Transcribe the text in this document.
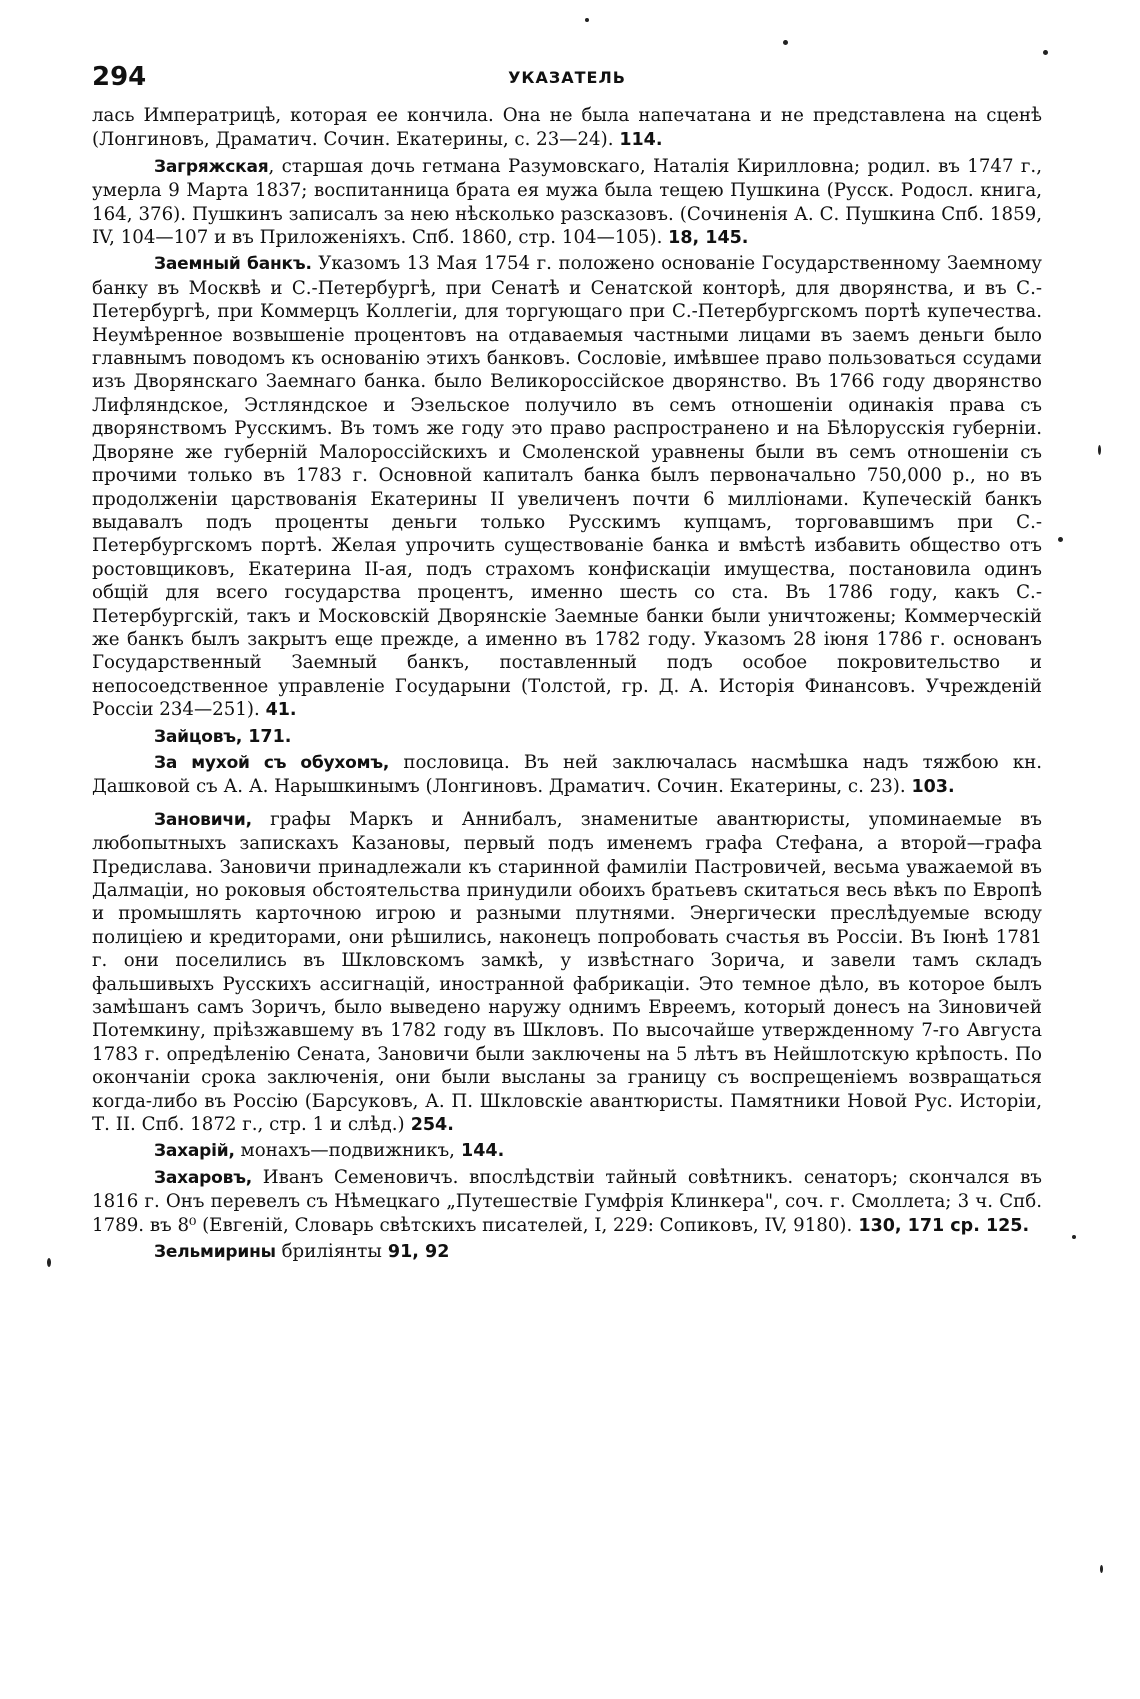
294	УКАЗАТЕЛЬ

лась Императрицѣ, которая ее кончила. Она не была напечатана и не представлена на сценѣ (Лонгиновъ, Драматич. Сочин. Екатерины, с. 23—24). 114.

Загряжская, старшая дочь гетмана Разумовскаго, Наталія Кирилловна; родил. въ 1747 г., умерла 9 Марта 1837; воспитанница брата ея мужа была тещею Пушкина (Русск. Родосл. книга, 164, 376). Пушкинъ записалъ за нею нѣсколько разсказовъ. (Сочиненія А. С. Пушкина Спб. 1859, IV, 104—107 и въ Приложеніяхъ. Спб. 1860, стр. 104—105). 18, 145.

Заемный банкъ. Указомъ 13 Мая 1754 г. положено основаніе Государственному Заемному банку въ Москвѣ и С.-Петербургѣ, при Сенатѣ и Сенатской конторѣ, для дворянства, и въ С.-Петербургѣ, при Коммерцъ Коллегіи, для торгующаго при С.-Петербургскомъ портѣ купечества. Неумѣренное возвышеніе процентовъ на отдаваемыя частными лицами въ заемъ деньги было главнымъ поводомъ къ основанію этихъ банковъ. Сословіе, имѣвшее право пользоваться ссудами изъ Дворянскаго Заемнаго банка. было Великороссійское дворянство. Въ 1766 году дворянство Лифляндское, Эстляндское и Эзельское получило въ семъ отношеніи одинакія права съ дворянствомъ Русскимъ. Въ томъ же году это право распространено и на Бѣлорусскія губерніи. Дворяне же губерній Малороссійскихъ и Смоленской уравнены были въ семъ отношеніи съ прочими только въ 1783 г. Основной капиталъ банка былъ первоначально 750,000 р., но въ продолженіи царствованія Екатерины II увеличенъ почти 6 милліонами. Купеческій банкъ выдавалъ подъ проценты деньги только Русскимъ купцамъ, торговавшимъ при С.-Петербургскомъ портѣ. Желая упрочить существованіе банка и вмѣстѣ избавить общество отъ ростовщиковъ, Екатерина II-ая, подъ страхомъ конфискаціи имущества, постановила одинъ общій для всего государства процентъ, именно шесть со ста. Въ 1786 году, какъ С.-Петербургскій, такъ и Московскій Дворянскіе Заемные банки были уничтожены; Коммерческій же банкъ былъ закрытъ еще прежде, а именно въ 1782 году. Указомъ 28 іюня 1786 г. основанъ Государственный Заемный банкъ, поставленный подъ особое покровительство и непосоедственное управленіе Государыни (Толстой, гр. Д. А. Исторія Финансовъ. Учрежденій Россіи 234—251). 41.

Зайцовъ, 171.

За мухой съ обухомъ, пословица. Въ ней заключалась насмѣшка надъ тяжбою кн. Дашковой съ А. А. Нарышкинымъ (Лонгиновъ. Драматич. Сочин. Екатерины, с. 23). 103.

Зановичи, графы Маркъ и Аннибалъ, знаменитые авантюристы, упоминаемые въ любопытныхъ запискахъ Казановы, первый подъ именемъ графа Стефана, а второй—графа Предислава. Зановичи принадлежали къ старинной фамиліи Пастровичей, весьма уважаемой въ Далмаціи, но роковыя обстоятельства принудили обоихъ братьевъ скитаться весь вѣкъ по Европѣ и промышлять карточною игрою и разными плутнями. Энергически преслѣдуемые всюду полиціею и кредиторами, они рѣшились, наконецъ попробовать счастья въ Россіи. Въ Іюнѣ 1781 г. они поселились въ Шкловскомъ замкѣ, у извѣстнаго Зорича, и завели тамъ складъ фальшивыхъ Русскихъ ассигнацій, иностранной фабрикаціи. Это темное дѣло, въ которое былъ замѣшанъ самъ Зоричъ, было выведено наружу однимъ Евреемъ, который донесъ на Зиновичей Потемкину, пріѣзжавшему въ 1782 году въ Шкловъ. По высочайше утвержденному 7-го Августа 1783 г. опредѣленію Сената, Зановичи были заключены на 5 лѣтъ въ Нейшлотскую крѣпость. По окончаніи срока заключенія, они были высланы за границу съ воспрещеніемъ возвращаться когда-либо въ Россію (Барсуковъ, А. П. Шкловскіе авантюристы. Памятники Новой Рус. Исторіи, Т. II. Спб. 1872 г., стр. 1 и слѣд.) 254.

Захарій, монахъ—подвижникъ, 144.

Захаровъ, Иванъ Семеновичъ. впослѣдствіи тайный совѣтникъ. сенаторъ; скончался въ 1816 г. Онъ перевелъ съ Нѣмецкаго „Путешествіе Гумфрія Клинкера", соч. г. Смоллета; 3 ч. Спб. 1789. въ 8⁰ (Евгеній, Словарь свѣтскихъ писателей, I, 229: Сопиковъ, IV, 9180). 130, 171 ср. 125.

Зельмирины бриліянты 91, 92
